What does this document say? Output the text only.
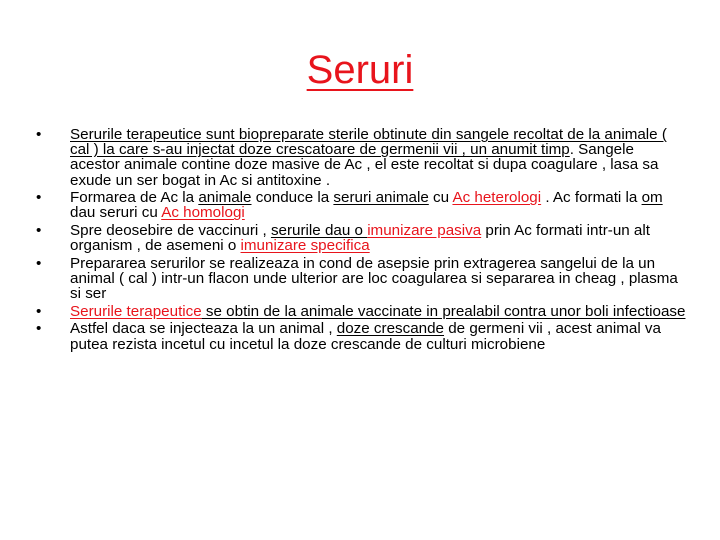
Seruri
•	Serurile terapeutice sunt biopreparate sterile obtinute din sangele recoltat de la animale ( cal ) la care s-au injectat doze crescatoare de germenii vii , un anumit timp. Sangele acestor animale contine doze masive de Ac , el este recoltat si dupa coagulare , lasa sa exude un ser bogat in Ac si antitoxine .
•	Formarea de Ac la animale conduce la seruri animale cu Ac heterologi . Ac formati la om dau seruri cu Ac homologi
•	Spre deosebire de vaccinuri , serurile dau o imunizare pasiva prin Ac formati intr-un alt organism , de asemeni o imunizare specifica
•	Prepararea serurilor se realizeaza in cond de asepsie prin extragerea sangelui de la un animal ( cal ) intr-un flacon unde ulterior are loc coagularea si separarea in cheag , plasma si ser
•	Serurile terapeutice se obtin de la animale vaccinate in prealabil contra unor boli infectioase
•	Astfel daca se injecteaza la un animal , doze crescande de germeni vii , acest animal va putea rezista incetul cu incetul la doze crescande de culturi microbiene
